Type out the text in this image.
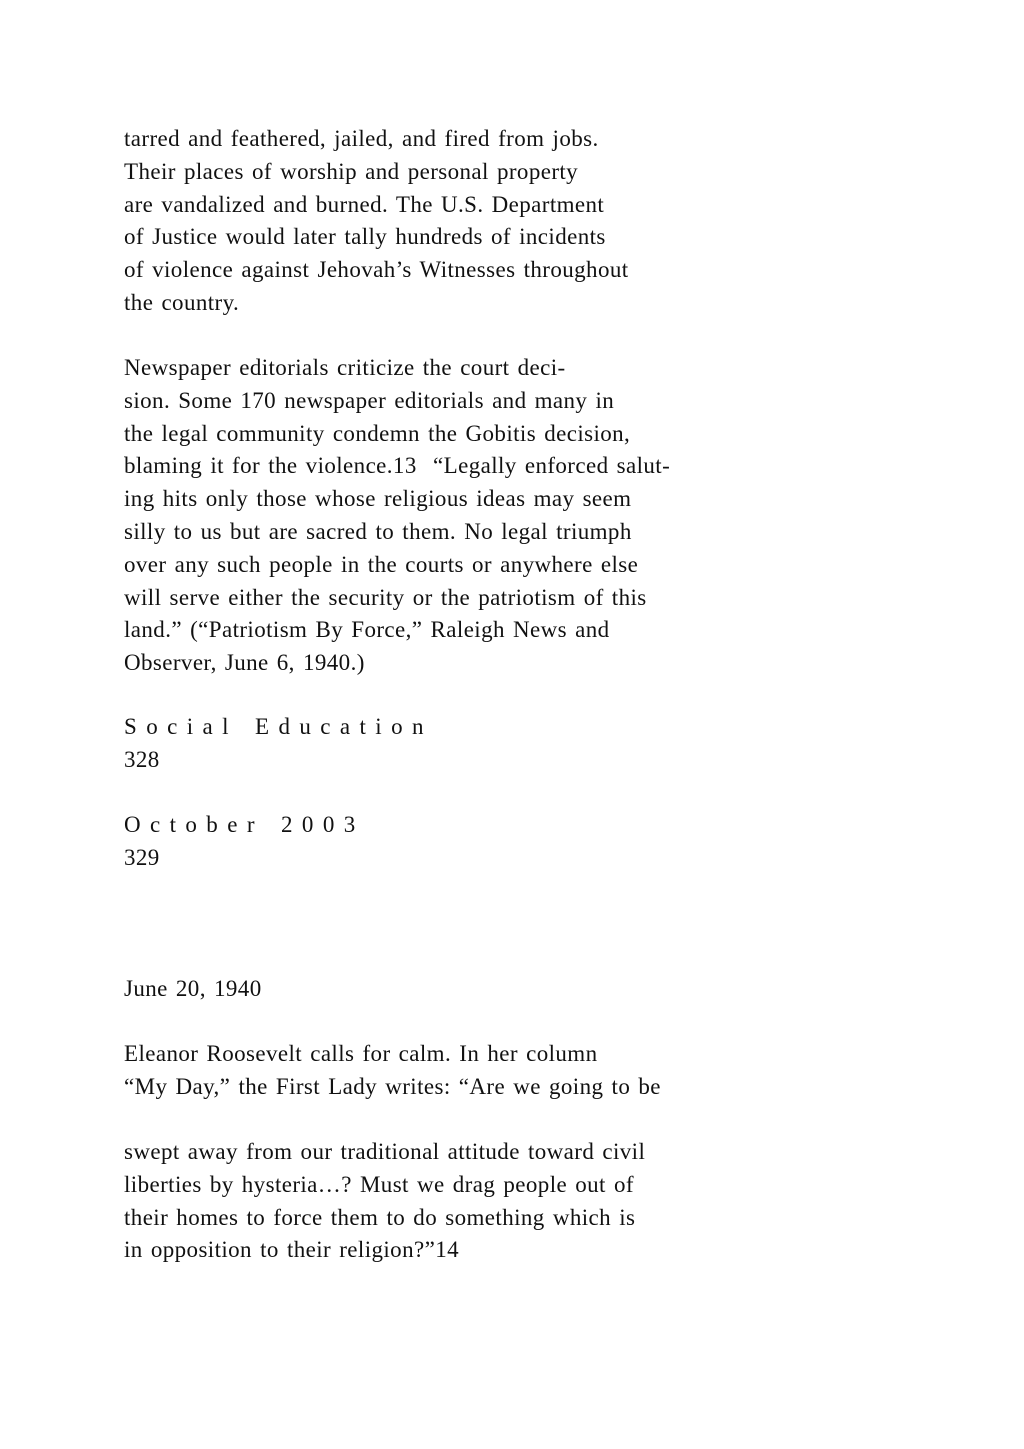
tarred and feathered, jailed, and fired from jobs.
Their places of worship and personal property
are vandalized and burned. The U.S. Department
of Justice would later tally hundreds of incidents
of violence against Jehovah’s Witnesses throughout
the country.
Newspaper editorials criticize the court deci-
sion. Some 170 newspaper editorials and many in
the legal community condemn the Gobitis decision,
blaming it for the violence.13  “Legally enforced salut-
ing hits only those whose religious ideas may seem
silly to us but are sacred to them. No legal triumph
over any such people in the courts or anywhere else
will serve either the security or the patriotism of this
land.” (“Patriotism By Force,” Raleigh News and
Observer, June 6, 1940.)
Social Education
328
October 2003
329
June 20, 1940
Eleanor Roosevelt calls for calm. In her column
“My Day,” the First Lady writes: “Are we going to be
swept away from our traditional attitude toward civil
liberties by hysteria…? Must we drag people out of
their homes to force them to do something which is
in opposition to their religion?”14
